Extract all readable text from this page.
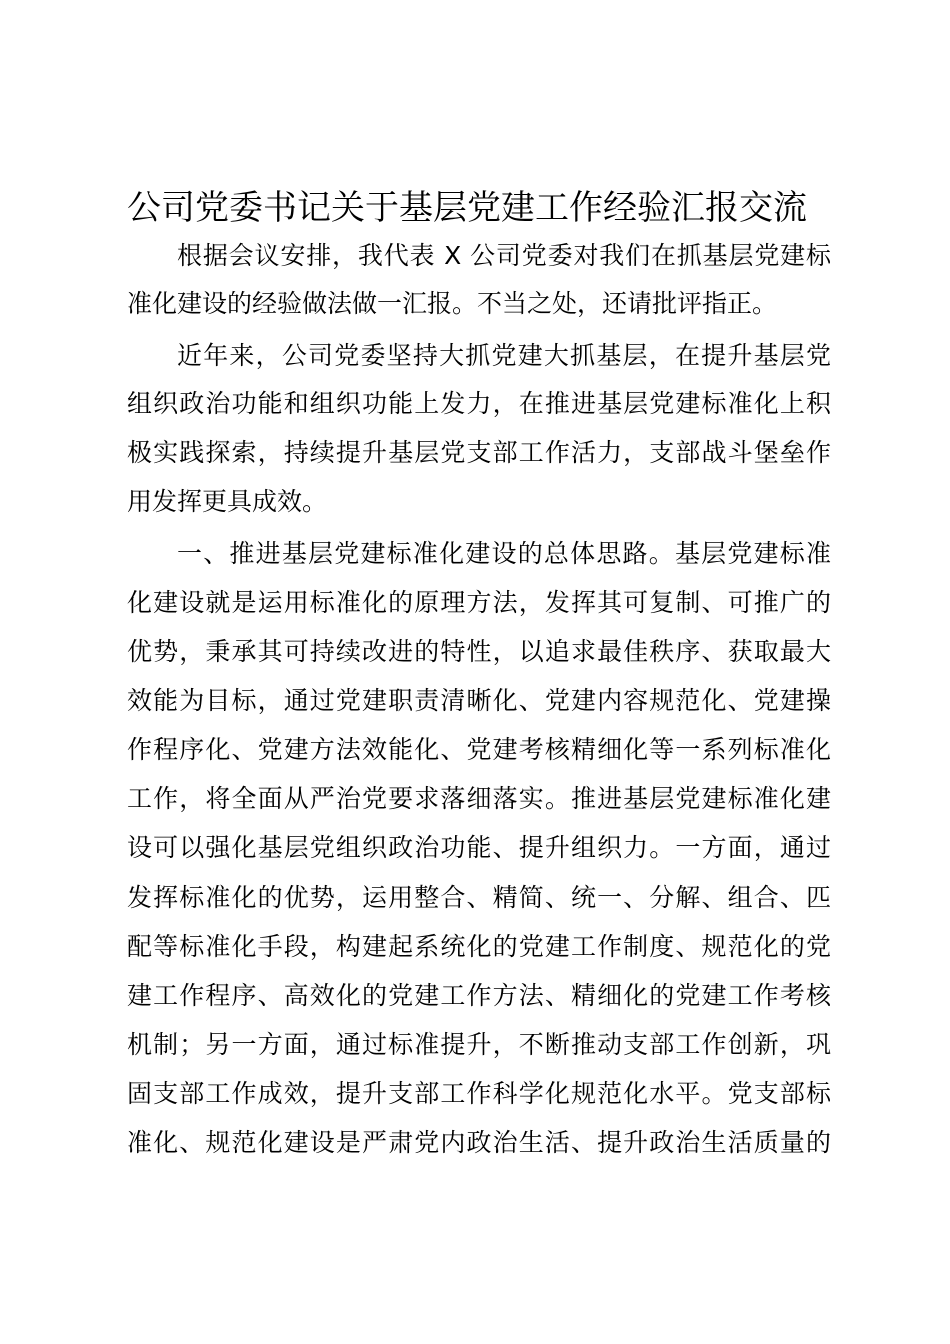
公司党委书记关于基层党建工作经验汇报交流
根据会议安排，我代表 X 公司党委对我们在抓基层党建标
准化建设的经验做法做一汇报。不当之处，还请批评指正。
近年来，公司党委坚持大抓党建大抓基层，在提升基层党
组织政治功能和组织功能上发力，在推进基层党建标准化上积
极实践探索，持续提升基层党支部工作活力，支部战斗堡垒作
用发挥更具成效。
一、推进基层党建标准化建设的总体思路。基层党建标准
化建设就是运用标准化的原理方法，发挥其可复制、可推广的
优势，秉承其可持续改进的特性，以追求最佳秩序、获取最大
效能为目标，通过党建职责清晰化、党建内容规范化、党建操
作程序化、党建方法效能化、党建考核精细化等一系列标准化
工作，将全面从严治党要求落细落实。推进基层党建标准化建
设可以强化基层党组织政治功能、提升组织力。一方面，通过
发挥标准化的优势，运用整合、精简、统一、分解、组合、匹
配等标准化手段，构建起系统化的党建工作制度、规范化的党
建工作程序、高效化的党建工作方法、精细化的党建工作考核
机制；另一方面，通过标准提升，不断推动支部工作创新，巩
固支部工作成效，提升支部工作科学化规范化水平。党支部标
准化、规范化建设是严肃党内政治生活、提升政治生活质量的
